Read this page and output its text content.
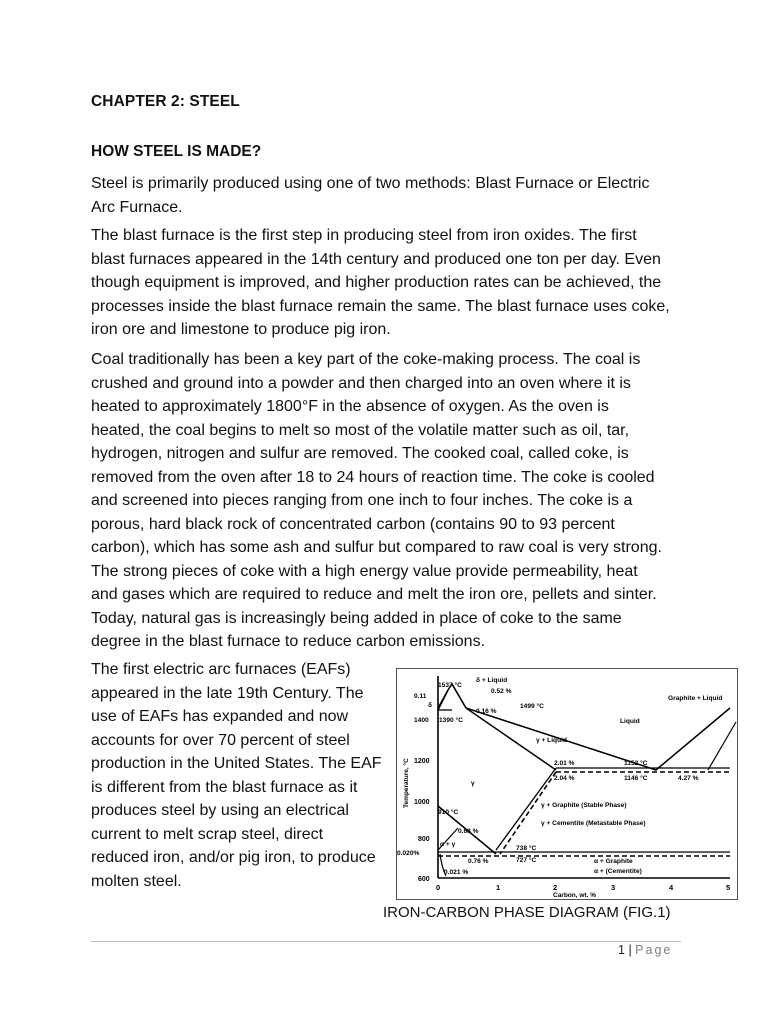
CHAPTER 2: STEEL
HOW STEEL IS MADE?
Steel is primarily produced using one of two methods: Blast Furnace or Electric
Arc Furnace.
The blast furnace is the first step in producing steel from iron oxides. The first
blast furnaces appeared in the 14th century and produced one ton per day. Even
though equipment is improved, and higher production rates can be achieved, the
processes inside the blast furnace remain the same. The blast furnace uses coke,
iron ore and limestone to produce pig iron.
Coal traditionally has been a key part of the coke-making process. The coal is
crushed and ground into a powder and then charged into an oven where it is
heated to approximately 1800°F in the absence of oxygen. As the oven is
heated, the coal begins to melt so most of the volatile matter such as oil, tar,
hydrogen, nitrogen and sulfur are removed. The cooked coal, called coke, is
removed from the oven after 18 to 24 hours of reaction time. The coke is cooled
and screened into pieces ranging from one inch to four inches. The coke is a
porous, hard black rock of concentrated carbon (contains 90 to 93 percent
carbon), which has some ash and sulfur but compared to raw coal is very strong.
The strong pieces of coke with a high energy value provide permeability, heat
and gases which are required to reduce and melt the iron ore, pellets and sinter.
Today, natural gas is increasingly being added in place of coke to the same
degree in the blast furnace to reduce carbon emissions.
The first electric arc furnaces (EAFs)
appeared in the late 19th Century. The
use of EAFs has expanded and now
accounts for over 70 percent of steel
production in the United States. The EAF
is different from the blast furnace as it
produces steel by using an electrical
current to melt scrap steel, direct
reduced iron, and/or pig iron, to produce
molten steel.	0	1	2	3	4	5
Carbon, wt. %
1200
1000
800
600
Temperature, °C
1537 °C
δ + Liquid
0.52 %
0.11
δ	1499 °C
0.16 %
1400 1390 °C
Graphite + Liquid
Liquid
γ + Liquid
γ
2.01 %
2.04 %
1152 °C
1146 °C	4.27 %
910 °C
γ + Graphite (Stable Phase)
γ + Cementite (Metastable Phase)
0.68 %
738 °C
α + γ
0.020%
0.76 %	727 °C	α + Graphite
α + (Cementite)
0.021 %
IRON-CARBON PHASE DIAGRAM (FIG.1)
1 | Page
